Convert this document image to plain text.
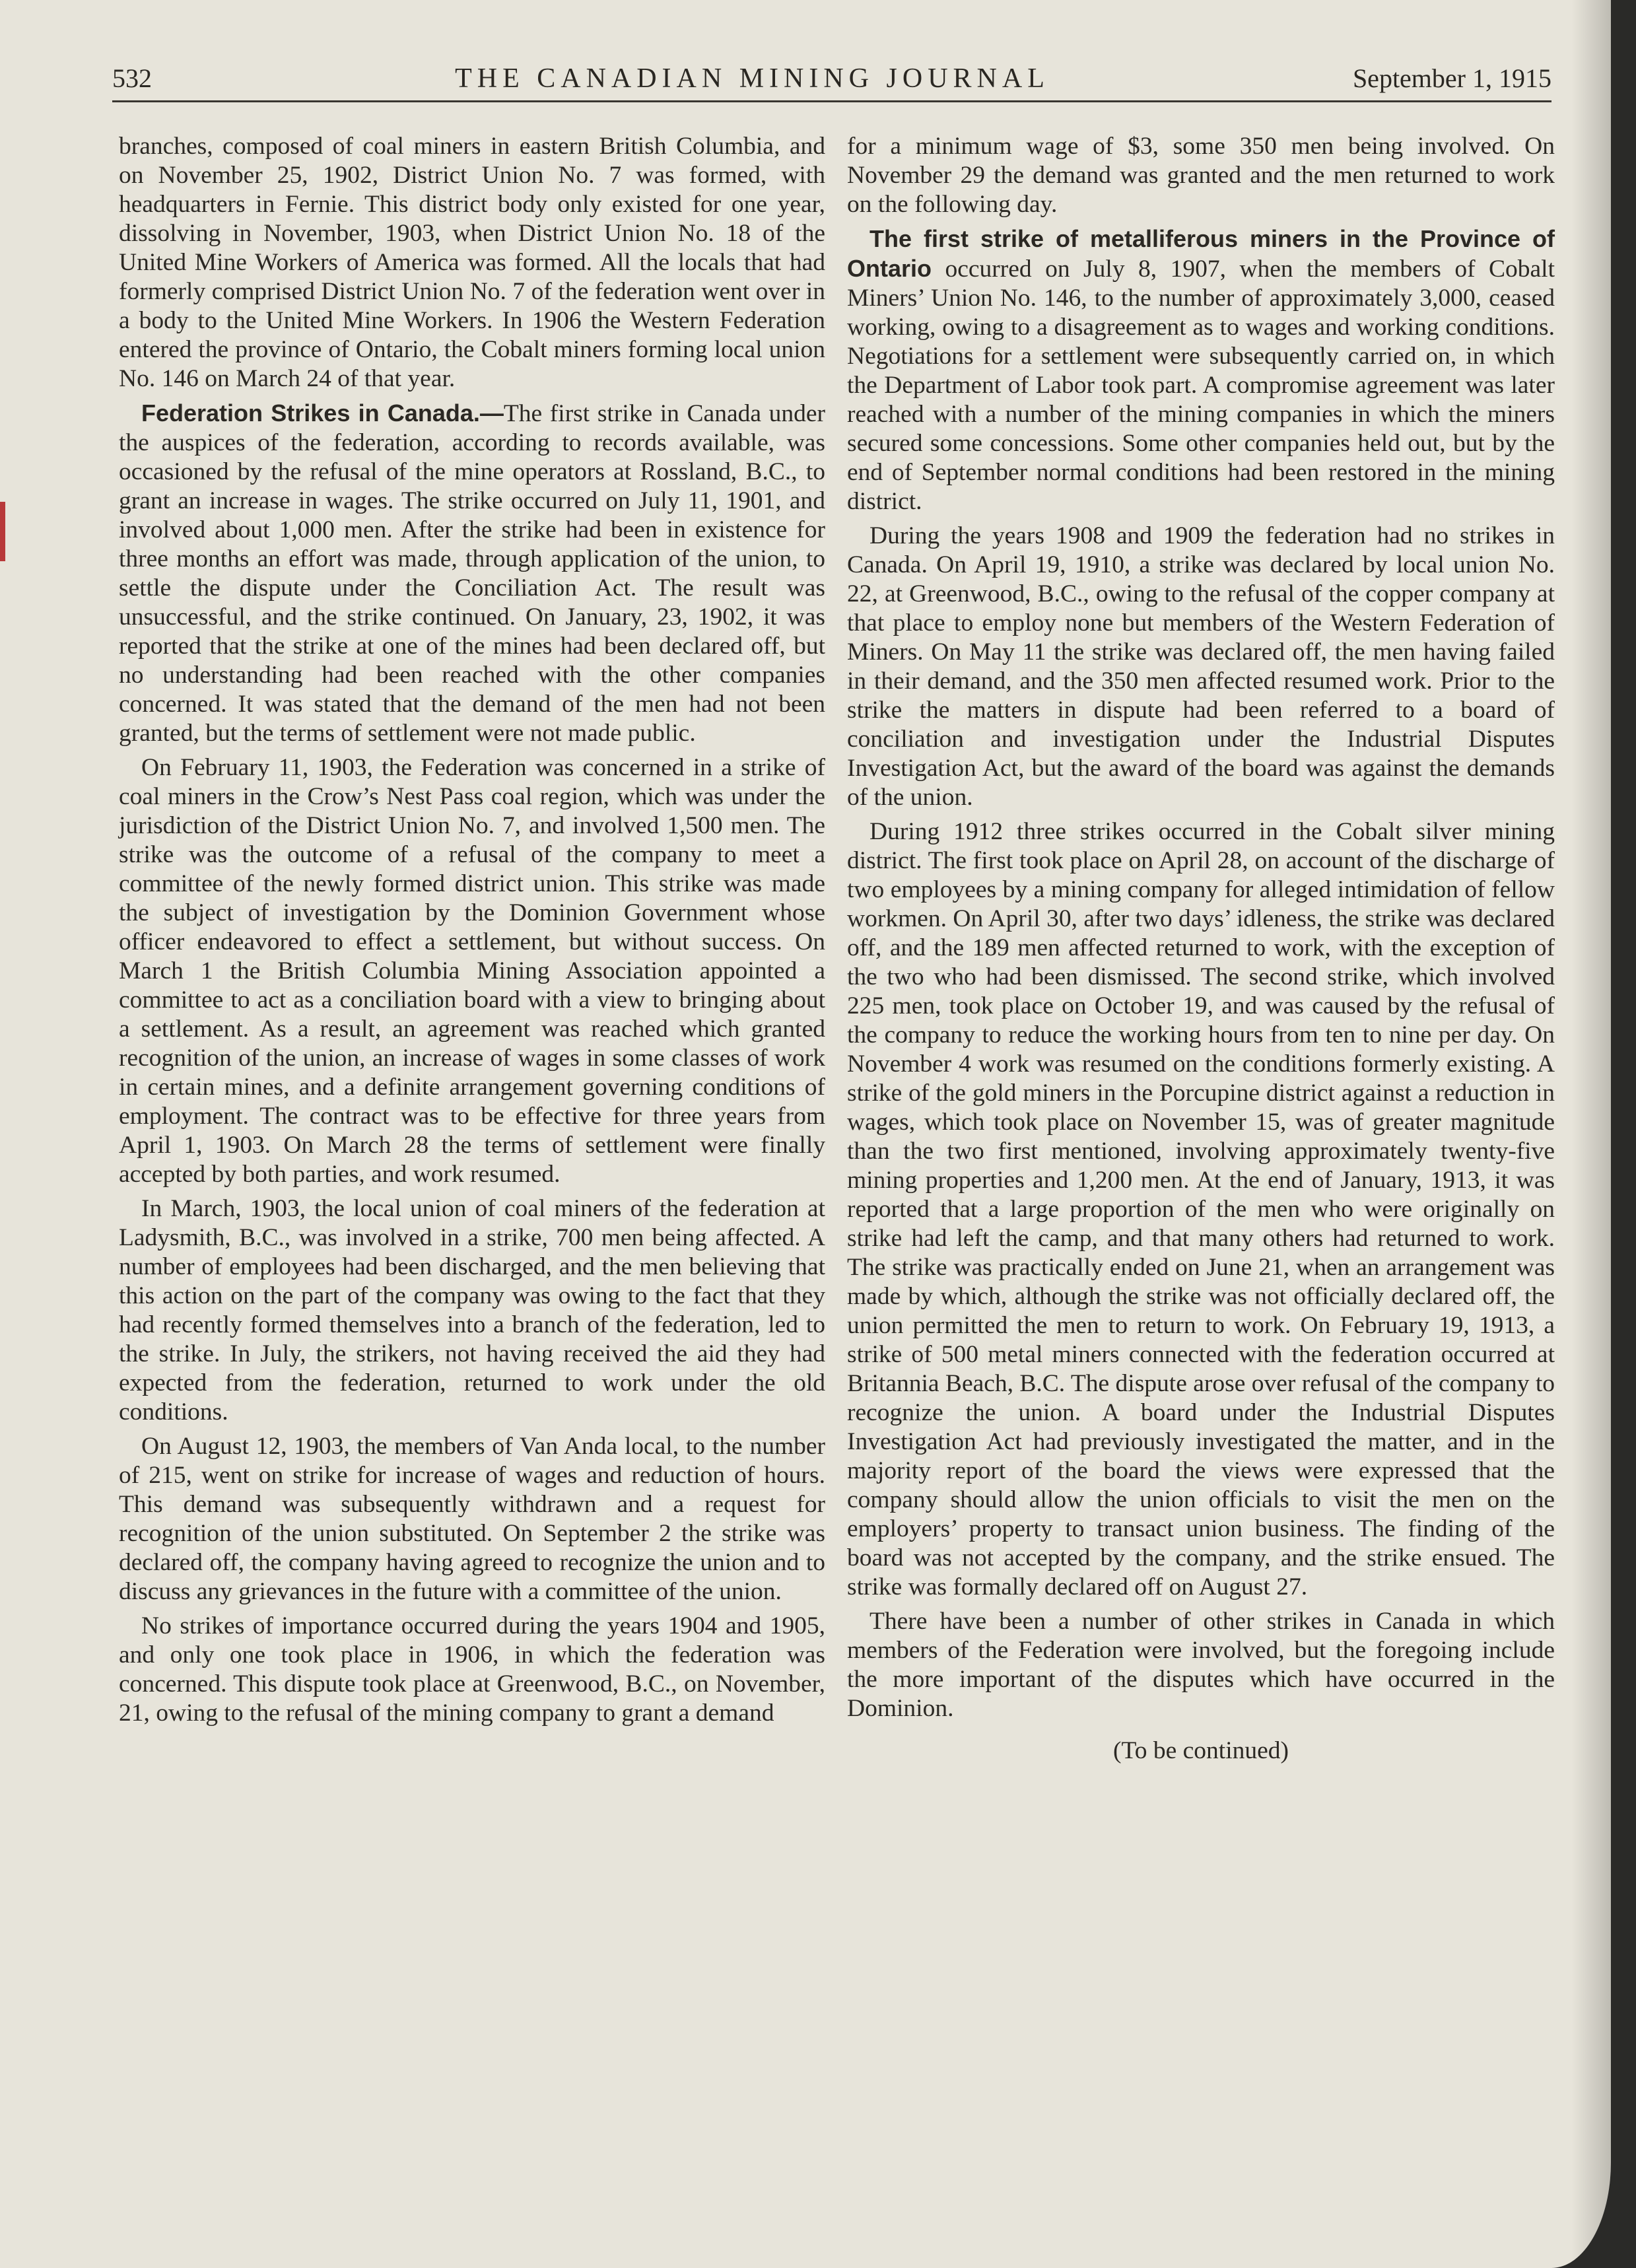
532	THE CANADIAN MINING JOURNAL	September 1, 1915

branches, composed of coal miners in eastern British Columbia, and on November 25, 1902, District Union No. 7 was formed, with headquarters in Fernie. This district body only existed for one year, dissolving in November, 1903, when District Union No. 18 of the United Mine Workers of America was formed. All the locals that had formerly comprised District Union No. 7 of the federation went over in a body to the United Mine Workers. In 1906 the Western Federation entered the province of Ontario, the Cobalt miners forming local union No. 146 on March 24 of that year.

Federation Strikes in Canada.—The first strike in Canada under the auspices of the federation, according to records available, was occasioned by the refusal of the mine operators at Rossland, B.C., to grant an increase in wages. The strike occurred on July 11, 1901, and involved about 1,000 men. After the strike had been in existence for three months an effort was made, through application of the union, to settle the dispute under the Conciliation Act. The result was unsuccessful, and the strike continued. On January, 23, 1902, it was reported that the strike at one of the mines had been declared off, but no understanding had been reached with the other companies concerned. It was stated that the demand of the men had not been granted, but the terms of settlement were not made public.

On February 11, 1903, the Federation was concerned in a strike of coal miners in the Crow’s Nest Pass coal region, which was under the jurisdiction of the District Union No. 7, and involved 1,500 men. The strike was the outcome of a refusal of the company to meet a committee of the newly formed district union. This strike was made the subject of investigation by the Dominion Government whose officer endeavored to effect a settlement, but without success. On March 1 the British Columbia Mining Association appointed a committee to act as a conciliation board with a view to bringing about a settlement. As a result, an agreement was reached which granted recognition of the union, an increase of wages in some classes of work in certain mines, and a definite arrangement governing conditions of employment. The contract was to be effective for three years from April 1, 1903. On March 28 the terms of settlement were finally accepted by both parties, and work resumed.

In March, 1903, the local union of coal miners of the federation at Ladysmith, B.C., was involved in a strike, 700 men being affected. A number of employees had been discharged, and the men believing that this action on the part of the company was owing to the fact that they had recently formed themselves into a branch of the federation, led to the strike. In July, the strikers, not having received the aid they had expected from the federation, returned to work under the old conditions.

On August 12, 1903, the members of Van Anda local, to the number of 215, went on strike for increase of wages and reduction of hours. This demand was subsequently withdrawn and a request for recognition of the union substituted. On September 2 the strike was declared off, the company having agreed to recognize the union and to discuss any grievances in the future with a committee of the union.

No strikes of importance occurred during the years 1904 and 1905, and only one took place in 1906, in which the federation was concerned. This dispute took place at Greenwood, B.C., on November, 21, owing to the refusal of the mining company to grant a demand

for a minimum wage of $3, some 350 men being involved. On November 29 the demand was granted and the men returned to work on the following day.

The first strike of metalliferous miners in the Province of Ontario occurred on July 8, 1907, when the members of Cobalt Miners’ Union No. 146, to the number of approximately 3,000, ceased working, owing to a disagreement as to wages and working conditions. Negotiations for a settlement were subsequently carried on, in which the Department of Labor took part. A compromise agreement was later reached with a number of the mining companies in which the miners secured some concessions. Some other companies held out, but by the end of September normal conditions had been restored in the mining district.

During the years 1908 and 1909 the federation had no strikes in Canada. On April 19, 1910, a strike was declared by local union No. 22, at Greenwood, B.C., owing to the refusal of the copper company at that place to employ none but members of the Western Federation of Miners. On May 11 the strike was declared off, the men having failed in their demand, and the 350 men affected resumed work. Prior to the strike the matters in dispute had been referred to a board of conciliation and investigation under the Industrial Disputes Investigation Act, but the award of the board was against the demands of the union.

During 1912 three strikes occurred in the Cobalt silver mining district. The first took place on April 28, on account of the discharge of two employees by a mining company for alleged intimidation of fellow workmen. On April 30, after two days’ idleness, the strike was declared off, and the 189 men affected returned to work, with the exception of the two who had been dismissed. The second strike, which involved 225 men, took place on October 19, and was caused by the refusal of the company to reduce the working hours from ten to nine per day. On November 4 work was resumed on the conditions formerly existing. A strike of the gold miners in the Porcupine district against a reduction in wages, which took place on November 15, was of greater magnitude than the two first mentioned, involving approximately twenty-five mining properties and 1,200 men. At the end of January, 1913, it was reported that a large proportion of the men who were originally on strike had left the camp, and that many others had returned to work. The strike was practically ended on June 21, when an arrangement was made by which, although the strike was not officially declared off, the union permitted the men to return to work. On February 19, 1913, a strike of 500 metal miners connected with the federation occurred at Britannia Beach, B.C. The dispute arose over refusal of the company to recognize the union. A board under the Industrial Disputes Investigation Act had previously investigated the matter, and in the majority report of the board the views were expressed that the company should allow the union officials to visit the men on the employers’ property to transact union business. The finding of the board was not accepted by the company, and the strike ensued. The strike was formally declared off on August 27.

There have been a number of other strikes in Canada in which members of the Federation were involved, but the foregoing include the more important of the disputes which have occurred in the Dominion.

(To be continued)
